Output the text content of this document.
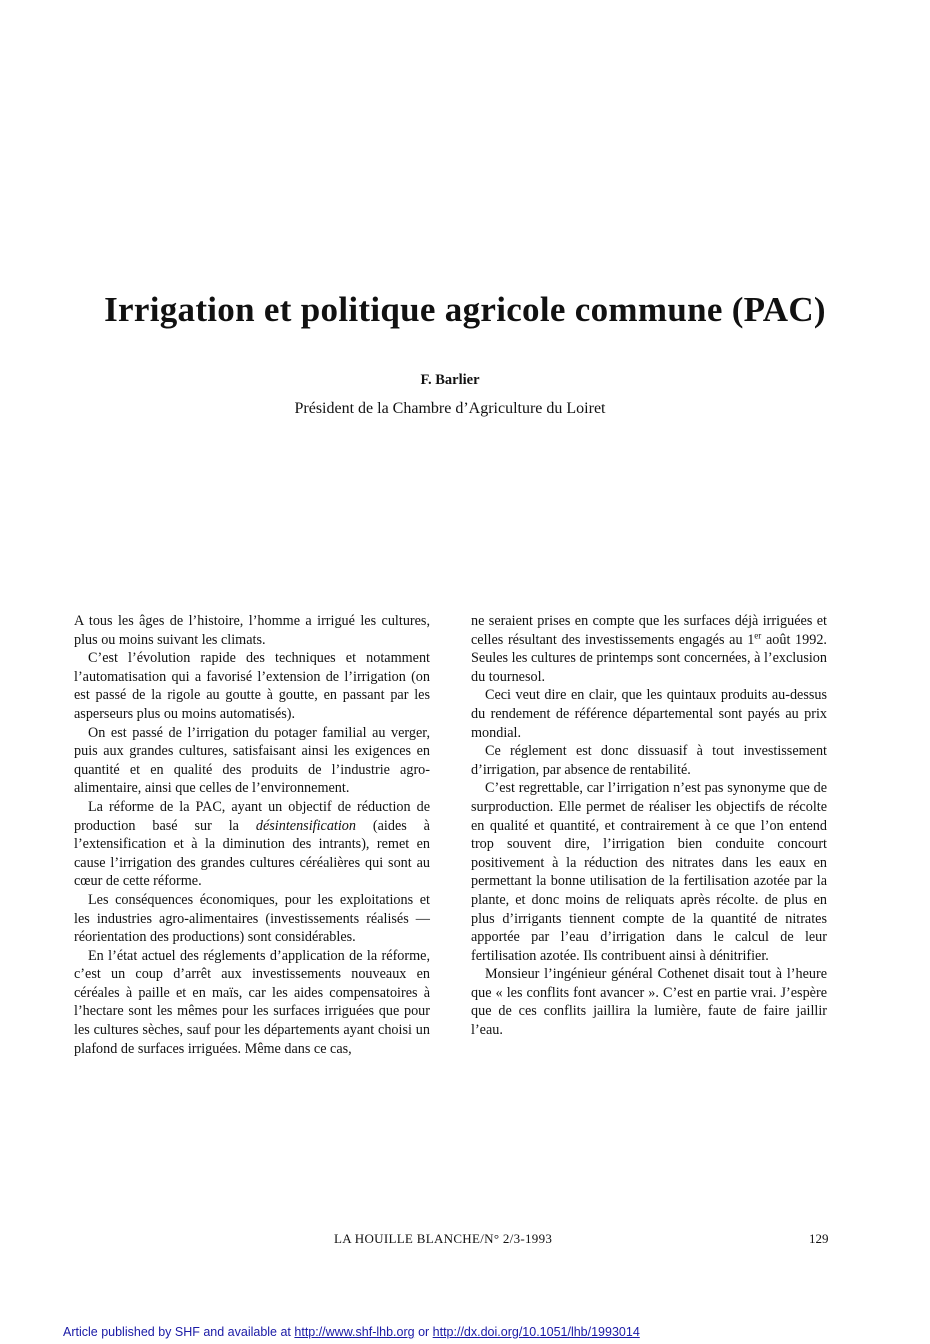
Irrigation et politique agricole commune (PAC)
F. Barlier
Président de la Chambre d’Agriculture du Loiret

A tous les âges de l’histoire, l’homme a irrigué les cultures, plus ou moins suivant les climats.

C’est l’évolution rapide des techniques et notamment l’automatisation qui a favorisé l’extension de l’irrigation (on est passé de la rigole au goutte à goutte, en passant par les asperseurs plus ou moins automatisés).

On est passé de l’irrigation du potager familial au verger, puis aux grandes cultures, satisfaisant ainsi les exigences en quantité et en qualité des produits de l’industrie agro-alimentaire, ainsi que celles de l’environnement.

La réforme de la PAC, ayant un objectif de réduction de production basé sur la désintensification (aides à l’extensification et à la diminution des intrants), remet en cause l’irrigation des grandes cultures céréalières qui sont au cœur de cette réforme.

Les conséquences économiques, pour les exploitations et les industries agro-alimentaires (investissements réalisés — réorientation des productions) sont considérables.

En l’état actuel des réglements d’application de la réforme, c’est un coup d’arrêt aux investissements nouveaux en céréales à paille et en maïs, car les aides compensatoires à l’hectare sont les mêmes pour les surfaces irriguées que pour les cultures sèches, sauf pour les départements ayant choisi un plafond de surfaces irriguées. Même dans ce cas,

ne seraient prises en compte que les surfaces déjà irriguées et celles résultant des investissements engagés au 1er août 1992. Seules les cultures de printemps sont concernées, à l’exclusion du tournesol.

Ceci veut dire en clair, que les quintaux produits au-dessus du rendement de référence départemental sont payés au prix mondial.

Ce réglement est donc dissuasif à tout investissement d’irrigation, par absence de rentabilité.

C’est regrettable, car l’irrigation n’est pas synonyme que de surproduction. Elle permet de réaliser les objectifs de récolte en qualité et quantité, et contrairement à ce que l’on entend trop souvent dire, l’irrigation bien conduite concourt positivement à la réduction des nitrates dans les eaux en permettant la bonne utilisation de la fertilisation azotée par la plante, et donc moins de reliquats après récolte. de plus en plus d’irrigants tiennent compte de la quantité de nitrates apportée par l’eau d’irrigation dans le calcul de leur fertilisation azotée. Ils contribuent ainsi à dénitrifier.

Monsieur l’ingénieur général Cothenet disait tout à l’heure que « les conflits font avancer ». C’est en partie vrai. J’espère que de ces conflits jaillira la lumière, faute de faire jaillir l’eau.

LA HOUILLE BLANCHE/N° 2/3-1993	129
Article published by SHF and available at http://www.shf-lhb.org or http://dx.doi.org/10.1051/lhb/1993014
